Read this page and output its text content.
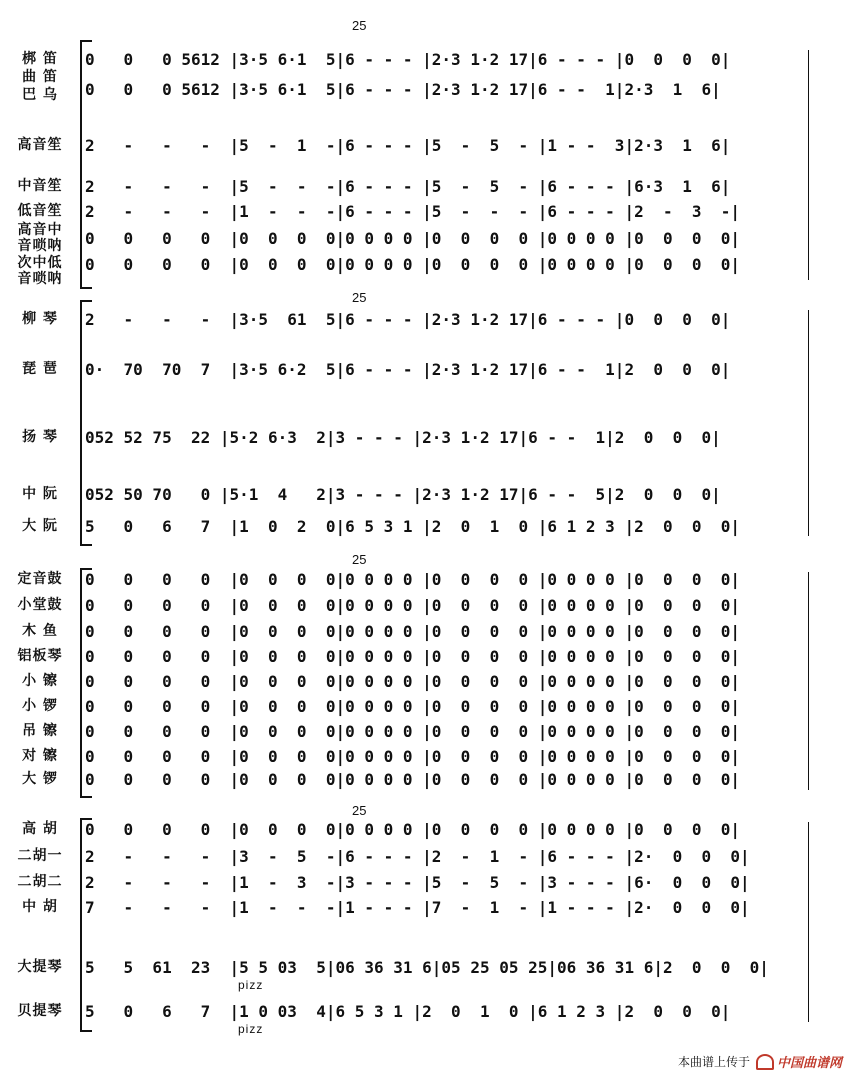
25
25
25
25
梆 笛	0   0   0 5612 |3·5 6·1  5|6 - - - |2·3 1·2 17|6 - - - |0  0  0  0|
曲 笛
巴 乌	0   0   0 5612 |3·5 6·1  5|6 - - - |2·3 1·2 17|6 - -  1|2·3  1  6|
高音笙	2   -   -   -  |5  -  1  -|6 - - - |5  -  5  - |1 - -  3|2·3  1  6|
中音笙	2   -   -   -  |5  -  -  -|6 - - - |5  -  5  - |6 - - - |6·3  1  6|
低音笙	2   -   -   -  |1  -  -  -|6 - - - |5  -  -  - |6 - - - |2  -  3  -|
高音中	0   0   0   0  |0  0  0  0|0 0 0 0 |0  0  0  0 |0 0 0 0 |0  0  0  0|
音唢呐
次中低	0   0   0   0  |0  0  0  0|0 0 0 0 |0  0  0  0 |0 0 0 0 |0  0  0  0|
音唢呐
柳 琴	2   -   -   -  |3·5  61  5|6 - - - |2·3 1·2 17|6 - - - |0  0  0  0|
琵 琶	0·  70  70  7  |3·5 6·2  5|6 - - - |2·3 1·2 17|6 - -  1|2  0  0  0|
扬 琴	052 52 75  22 |5·2 6·3  2|3 - - - |2·3 1·2 17|6 - -  1|2  0  0  0|
中 阮	052 50 70   0 |5·1  4   2|3 - - - |2·3 1·2 17|6 - -  5|2  0  0  0|
大 阮	5   0   6   7  |1  0  2  0|6 5 3 1 |2  0  1  0 |6 1 2 3 |2  0  0  0|
定音鼓	0   0   0   0  |0  0  0  0|0 0 0 0 |0  0  0  0 |0 0 0 0 |0  0  0  0|
小堂鼓	0   0   0   0  |0  0  0  0|0 0 0 0 |0  0  0  0 |0 0 0 0 |0  0  0  0|
木 鱼	0   0   0   0  |0  0  0  0|0 0 0 0 |0  0  0  0 |0 0 0 0 |0  0  0  0|
铝板琴	0   0   0   0  |0  0  0  0|0 0 0 0 |0  0  0  0 |0 0 0 0 |0  0  0  0|
小 镲	0   0   0   0  |0  0  0  0|0 0 0 0 |0  0  0  0 |0 0 0 0 |0  0  0  0|
小 锣	0   0   0   0  |0  0  0  0|0 0 0 0 |0  0  0  0 |0 0 0 0 |0  0  0  0|
吊 镲	0   0   0   0  |0  0  0  0|0 0 0 0 |0  0  0  0 |0 0 0 0 |0  0  0  0|
对 镲	0   0   0   0  |0  0  0  0|0 0 0 0 |0  0  0  0 |0 0 0 0 |0  0  0  0|
大 锣	0   0   0   0  |0  0  0  0|0 0 0 0 |0  0  0  0 |0 0 0 0 |0  0  0  0|
高 胡	0   0   0   0  |0  0  0  0|0 0 0 0 |0  0  0  0 |0 0 0 0 |0  0  0  0|
二胡一	2   -   -   -  |3  -  5  -|6 - - - |2  -  1  - |6 - - - |2·  0  0  0|
二胡二	2   -   -   -  |1  -  3  -|3 - - - |5  -  5  - |3 - - - |6·  0  0  0|
中 胡	7   -   -   -  |1  -  -  -|1 - - - |7  -  1  - |1 - - - |2·  0  0  0|
大提琴	5   5  61  23  |5 5 03  5|06 36 31 6|05 25 05 25|06 36 31 6|2  0  0  0|
pizz
贝提琴	5   0   6   7  |1 0 03  4|6 5 3 1 |2  0  1  0 |6 1 2 3 |2  0  0  0|
pizz
本曲谱上传于 中国曲谱网
